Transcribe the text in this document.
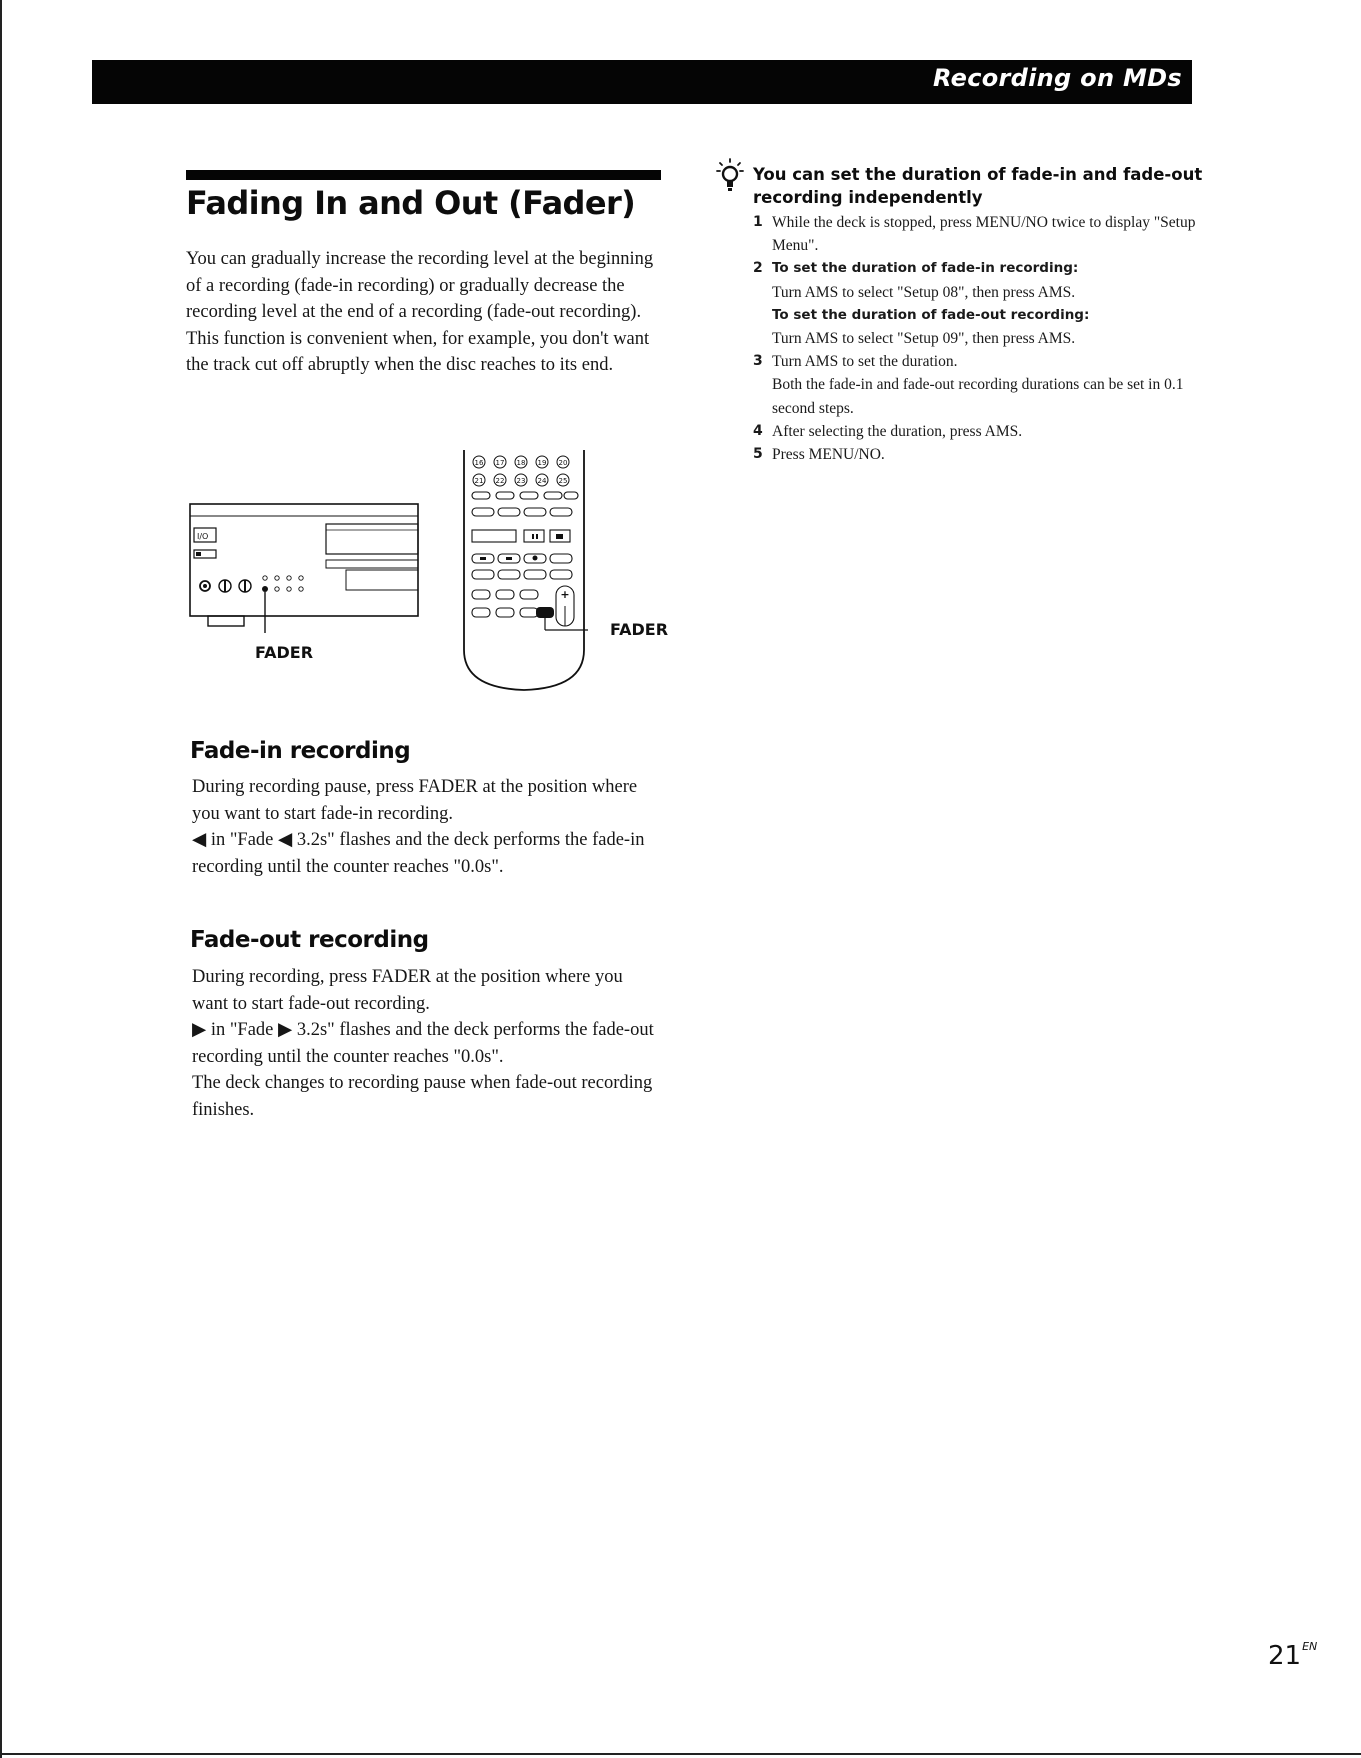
Recording on MDs
Fading In and Out (Fader)

You can gradually increase the recording level at the beginning of a recording (fade-in recording) or gradually decrease the recording level at the end of a recording (fade-out recording).

This function is convenient when, for example, you don't want the track cut off abruptly when the disc reaches to its end.

I/O
FADER
16 17 18 19 20
21 22 23 24 25
+
FADER
Fade-in recording

During recording pause, press FADER at the position where you want to start fade-in recording.

◀ in "Fade ◀ 3.2s" flashes and the deck performs the fade-in recording until the counter reaches "0.0s".

Fade-out recording

During recording, press FADER at the position where you want to start fade-out recording.

▶ in "Fade ▶ 3.2s" flashes and the deck performs the fade-out recording until the counter reaches "0.0s".

The deck changes to recording pause when fade-out recording finishes.

You can set the duration of fade-in and fade-out recording independently
1 While the deck is stopped, press MENU/NO twice to display "Setup Menu".
2 To set the duration of fade-in recording:
Turn AMS to select "Setup 08", then press AMS.
To set the duration of fade-out recording:
Turn AMS to select "Setup 09", then press AMS.
3 Turn AMS to set the duration.
Both the fade-in and fade-out recording durations can be set in 0.1 second steps.
4 After selecting the duration, press AMS.
5 Press MENU/NO.
$21^{EN}$
